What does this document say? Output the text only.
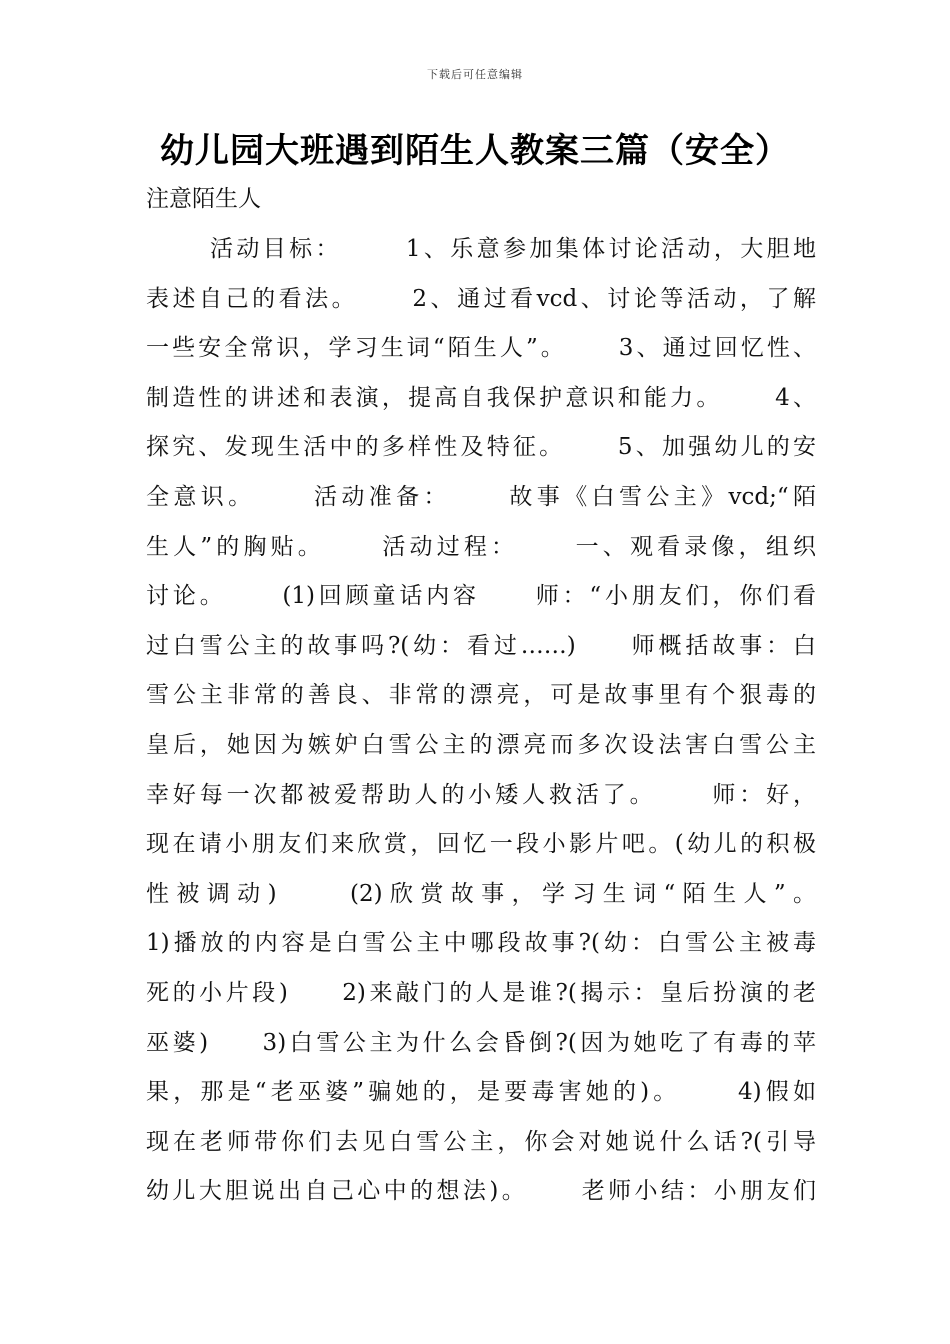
下载后可任意编辑
幼儿园大班遇到陌生人教案三篇（安全）

注意陌生人

活动目标：      1、乐意参加集体讨论活动，大胆地
表述自己的看法。     2、通过看vcd、讨论等活动，了解
一些安全常识，学习生词“陌生人”。     3、通过回忆性、
制造性的讲述和表演，提高自我保护意识和能力。     4、
探究、发现生活中的多样性及特征。     5、加强幼儿的安
全意识。     活动准备：     故事《白雪公主》vcd;“陌
生人”的胸贴。     活动过程：     一、观看录像，组织
讨论。     (1)回顾童话内容     师：“小朋友们，你们看
过白雪公主的故事吗?(幼：看过……)     师概括故事：白
雪公主非常的善良、非常的漂亮，可是故事里有个狠毒的
皇后，她因为嫉妒白雪公主的漂亮而多次设法害白雪公主
幸好每一次都被爱帮助人的小矮人救活了。     师：好，
现在请小朋友们来欣赏，回忆一段小影片吧。(幼儿的积极
性被调动)     (2)欣赏故事，学习生词“陌生人”。
1)播放的内容是白雪公主中哪段故事?(幼：白雪公主被毒
死的小片段)     2)来敲门的人是谁?(揭示：皇后扮演的老
巫婆)     3)白雪公主为什么会昏倒?(因为她吃了有毒的苹
果，那是“老巫婆”骗她的，是要毒害她的)。     4)假如
现在老师带你们去见白雪公主，你会对她说什么话?(引导
幼儿大胆说出自己心中的想法)。     老师小结：小朋友们
